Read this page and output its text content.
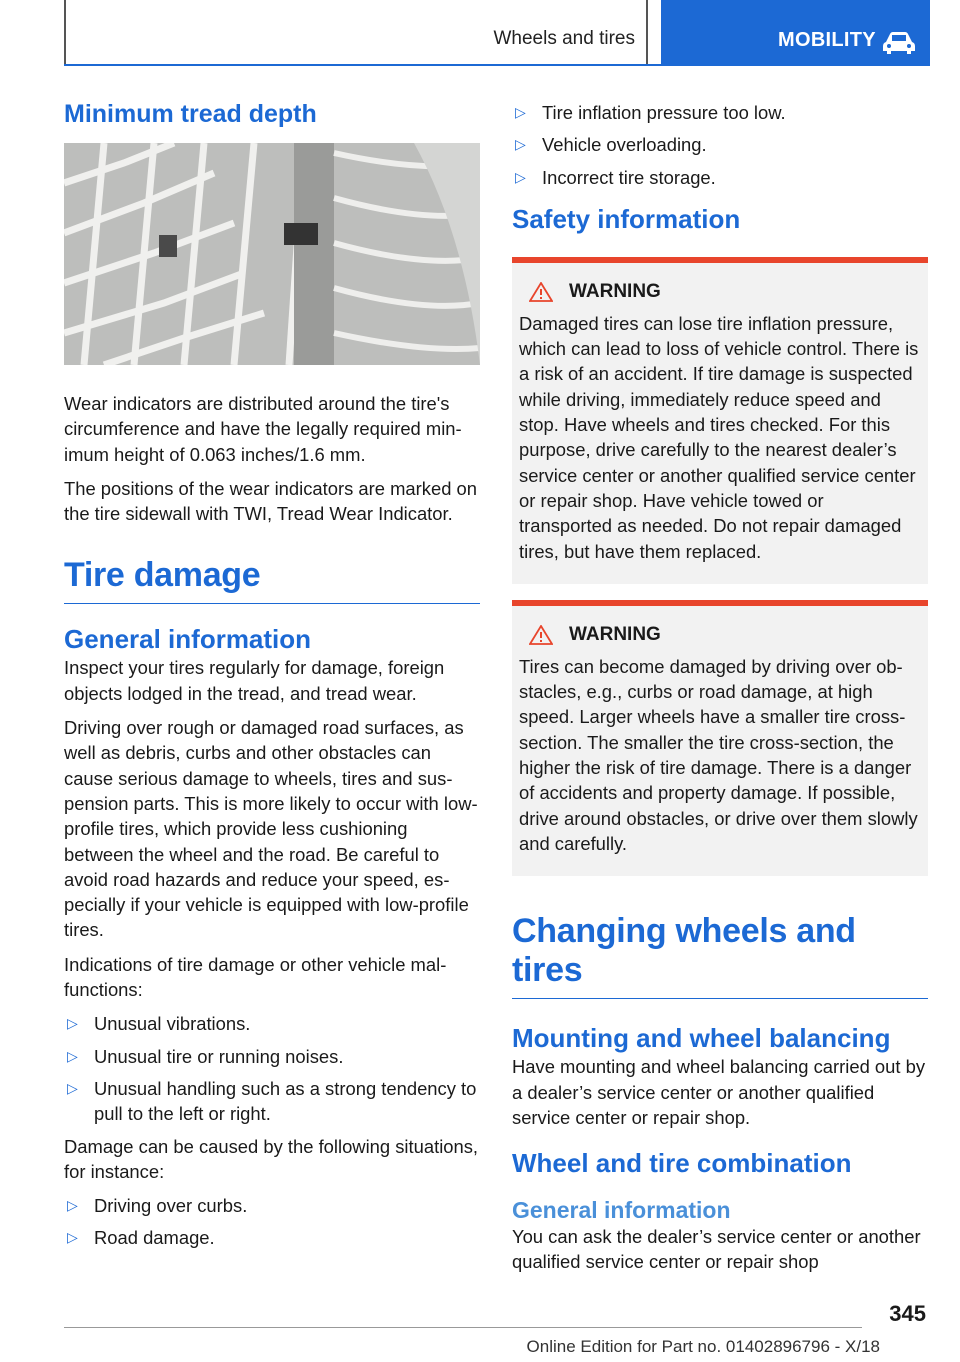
Wheels and tires	MOBILITY
Minimum tread depth

Wear indicators are distributed around the tire's circumference and have the legally required minimum height of 0.063 inches/1.6 mm.

The positions of the wear indicators are marked on the tire sidewall with TWI, Tread Wear Indicator.

Tire damage
General information

Inspect your tires regularly for damage, foreign objects lodged in the tread, and tread wear.

Driving over rough or damaged road surfaces, as well as debris, curbs and other obstacles can cause serious damage to wheels, tires and suspension parts. This is more likely to occur with low-profile tires, which provide less cushioning between the wheel and the road. Be careful to avoid road hazards and reduce your speed, especially if your vehicle is equipped with low-profile tires.

Indications of tire damage or other vehicle malfunctions:

▷ Unusual vibrations.
▷ Unusual tire or running noises.
▷ Unusual handling such as a strong tendency to pull to the left or right.

Damage can be caused by the following situations, for instance:

▷ Driving over curbs.
▷ Road damage.
▷ Tire inflation pressure too low.
▷ Vehicle overloading.
▷ Incorrect tire storage.
Safety information
WARNING

Damaged tires can lose tire inflation pressure, which can lead to loss of vehicle control. There is a risk of an accident. If tire damage is suspected while driving, immediately reduce speed and stop. Have wheels and tires checked. For this purpose, drive carefully to the nearest dealer’s service center or another qualified service center or repair shop. Have vehicle towed or transported as needed. Do not repair damaged tires, but have them replaced.

WARNING

Tires can become damaged by driving over obstacles, e.g., curbs or road damage, at high speed. Larger wheels have a smaller tire cross-section. The smaller the tire cross-section, the higher the risk of tire damage. There is a danger of accidents and property damage. If possible, drive around obstacles, or drive over them slowly and carefully.

Changing wheels and tires
Mounting and wheel balancing

Have mounting and wheel balancing carried out by a dealer’s service center or another qualified service center or repair shop.

Wheel and tire combination
General information

You can ask the dealer’s service center or another qualified service center or repair shop

345
Online Edition for Part no. 01402896796 - X/18
